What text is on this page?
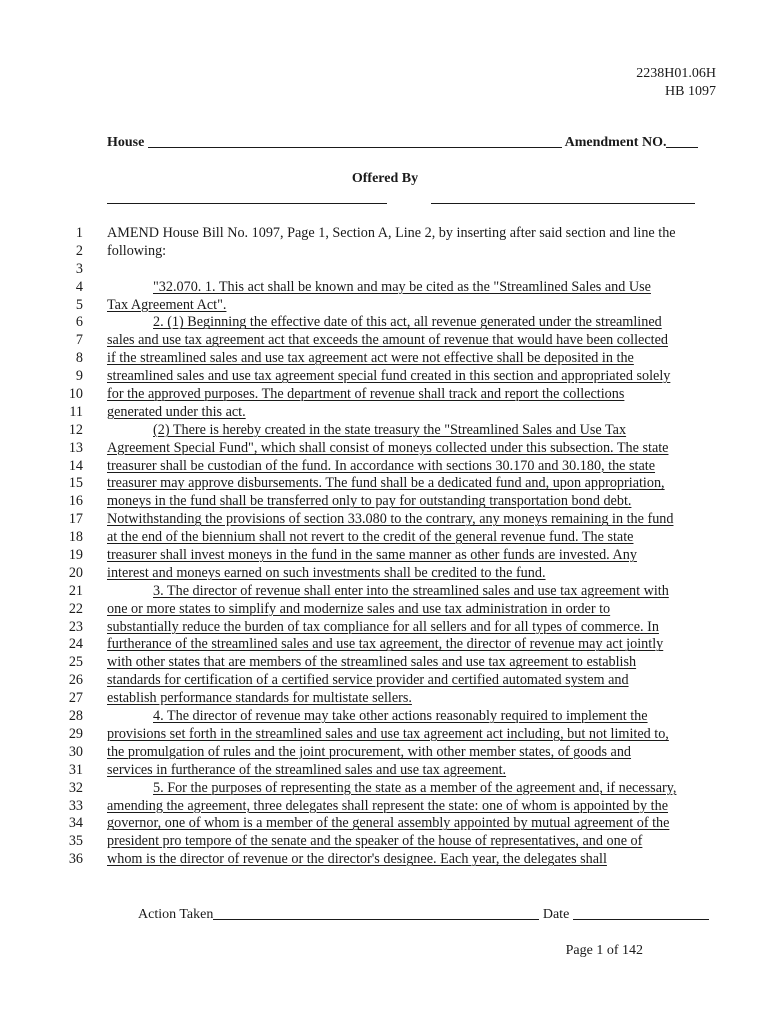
2238H01.06H
HB 1097
House	Amendment NO.
Offered By
1 AMEND House Bill No. 1097, Page 1, Section A, Line 2, by inserting after said section and line the
2 following:
3
4	"32.070. 1. This act shall be known and may be cited as the "Streamlined Sales and Use
5 Tax Agreement Act".
6	2. (1) Beginning the effective date of this act, all revenue generated under the streamlined
7 sales and use tax agreement act that exceeds the amount of revenue that would have been collected
8 if the streamlined sales and use tax agreement act were not effective shall be deposited in the
9 streamlined sales and use tax agreement special fund created in this section and appropriated solely
10 for the approved purposes. The department of revenue shall track and report the collections
11 generated under this act.
12	(2) There is hereby created in the state treasury the "Streamlined Sales and Use Tax
13 Agreement Special Fund", which shall consist of moneys collected under this subsection. The state
14 treasurer shall be custodian of the fund. In accordance with sections 30.170 and 30.180, the state
15 treasurer may approve disbursements. The fund shall be a dedicated fund and, upon appropriation,
16 moneys in the fund shall be transferred only to pay for outstanding transportation bond debt.
17 Notwithstanding the provisions of section 33.080 to the contrary, any moneys remaining in the fund
18 at the end of the biennium shall not revert to the credit of the general revenue fund. The state
19 treasurer shall invest moneys in the fund in the same manner as other funds are invested. Any
20 interest and moneys earned on such investments shall be credited to the fund.
21	3. The director of revenue shall enter into the streamlined sales and use tax agreement with
22 one or more states to simplify and modernize sales and use tax administration in order to
23 substantially reduce the burden of tax compliance for all sellers and for all types of commerce. In
24 furtherance of the streamlined sales and use tax agreement, the director of revenue may act jointly
25 with other states that are members of the streamlined sales and use tax agreement to establish
26 standards for certification of a certified service provider and certified automated system and
27 establish performance standards for multistate sellers.
28	4. The director of revenue may take other actions reasonably required to implement the
29 provisions set forth in the streamlined sales and use tax agreement act including, but not limited to,
30 the promulgation of rules and the joint procurement, with other member states, of goods and
31 services in furtherance of the streamlined sales and use tax agreement.
32	5. For the purposes of representing the state as a member of the agreement and, if necessary,
33 amending the agreement, three delegates shall represent the state: one of whom is appointed by the
34 governor, one of whom is a member of the general assembly appointed by mutual agreement of the
35 president pro tempore of the senate and the speaker of the house of representatives, and one of
36 whom is the director of revenue or the director's designee. Each year, the delegates shall
Action Taken	Date
Page 1 of 142
